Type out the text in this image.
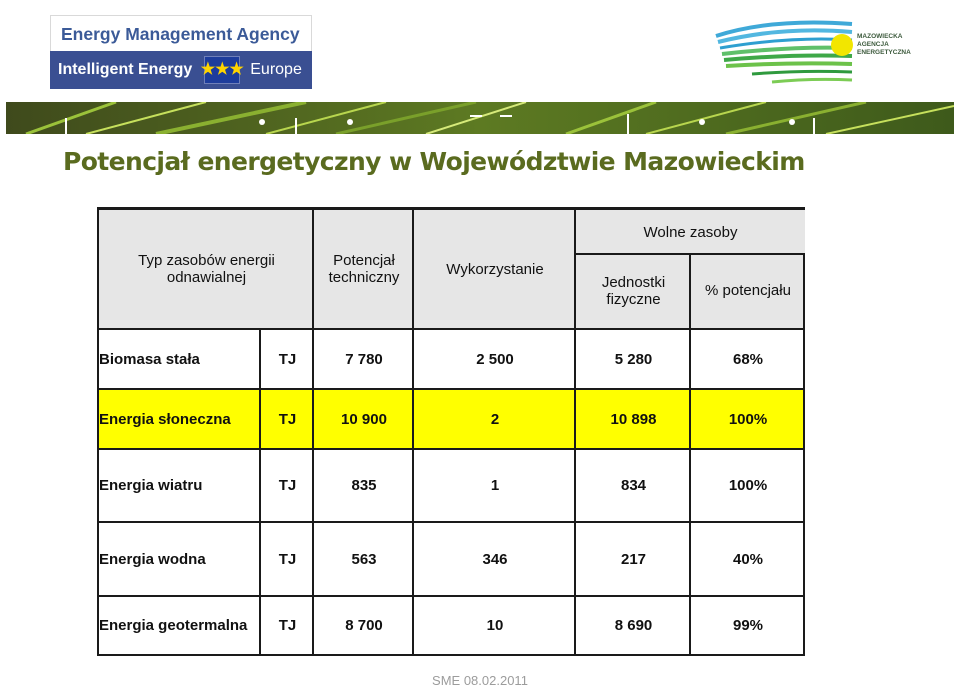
Energy Management Agency
Intelligent Energy ★★★ Europe
MAZOWIECKA
AGENCJA
ENERGETYCZNA
Potencjał energetyczny w Województwie Mazowieckim
Typ zasobów energii odnawialnej
Potencjał techniczny	Wykorzystanie
Wolne zasoby
Jednostki fizyczne	% potencjału
Biomasa stała	TJ	7 780	2 500	5 280	68%
Energia słoneczna	TJ	10 900	2	10 898	100%
Energia wiatru	TJ	835	1	834	100%
Energia wodna	TJ	563	346	217	40%
Energia geotermalna	TJ	8 700	10	8 690	99%
SME 08.02.2011
